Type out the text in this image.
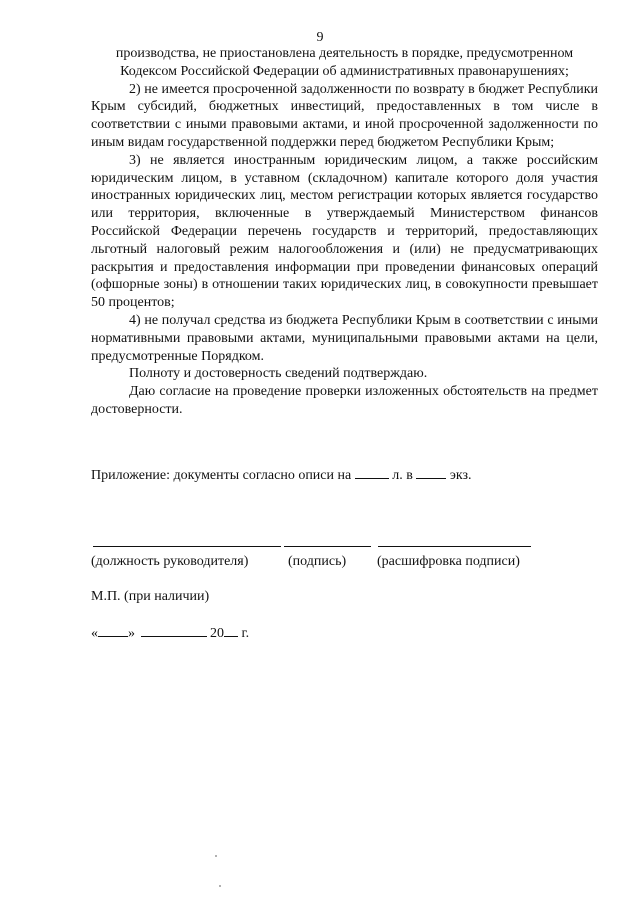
9

производства, не приостановлена деятельность в порядке, предусмотренном

Кодексом Российской Федерации об административных правонарушениях;

2) не имеется просроченной задолженности по возврату в бюджет Республики Крым субсидий, бюджетных инвестиций, предоставленных в том числе в соответствии с иными правовыми актами, и иной просроченной задолженности по иным видам государственной поддержки перед бюджетом Республики Крым;

3) не является иностранным юридическим лицом, а также российским юридическим лицом, в уставном (складочном) капитале которого доля участия иностранных юридических лиц, местом регистрации которых является государство или территория, включенные в утверждаемый Министерством финансов Российской Федерации перечень государств и территорий, предоставляющих льготный налоговый режим налогообложения и (или) не предусматривающих раскрытия и предоставления информации при проведении финансовых операций (офшорные зоны) в отношении таких юридических лиц, в совокупности превышает 50 процентов;

4) не получал средства из бюджета Республики Крым в соответствии с иными нормативными правовыми актами, муниципальными правовыми актами на цели, предусмотренные Порядком.

Полноту и достоверность сведений подтверждаю.

Даю согласие на проведение проверки изложенных обстоятельств на предмет достоверности.

Приложение: документы согласно описи на	л. в	экз.
(должность руководителя)	(подпись) (расшифровка подписи)
М.П. (при наличии)
« »	20 г.
